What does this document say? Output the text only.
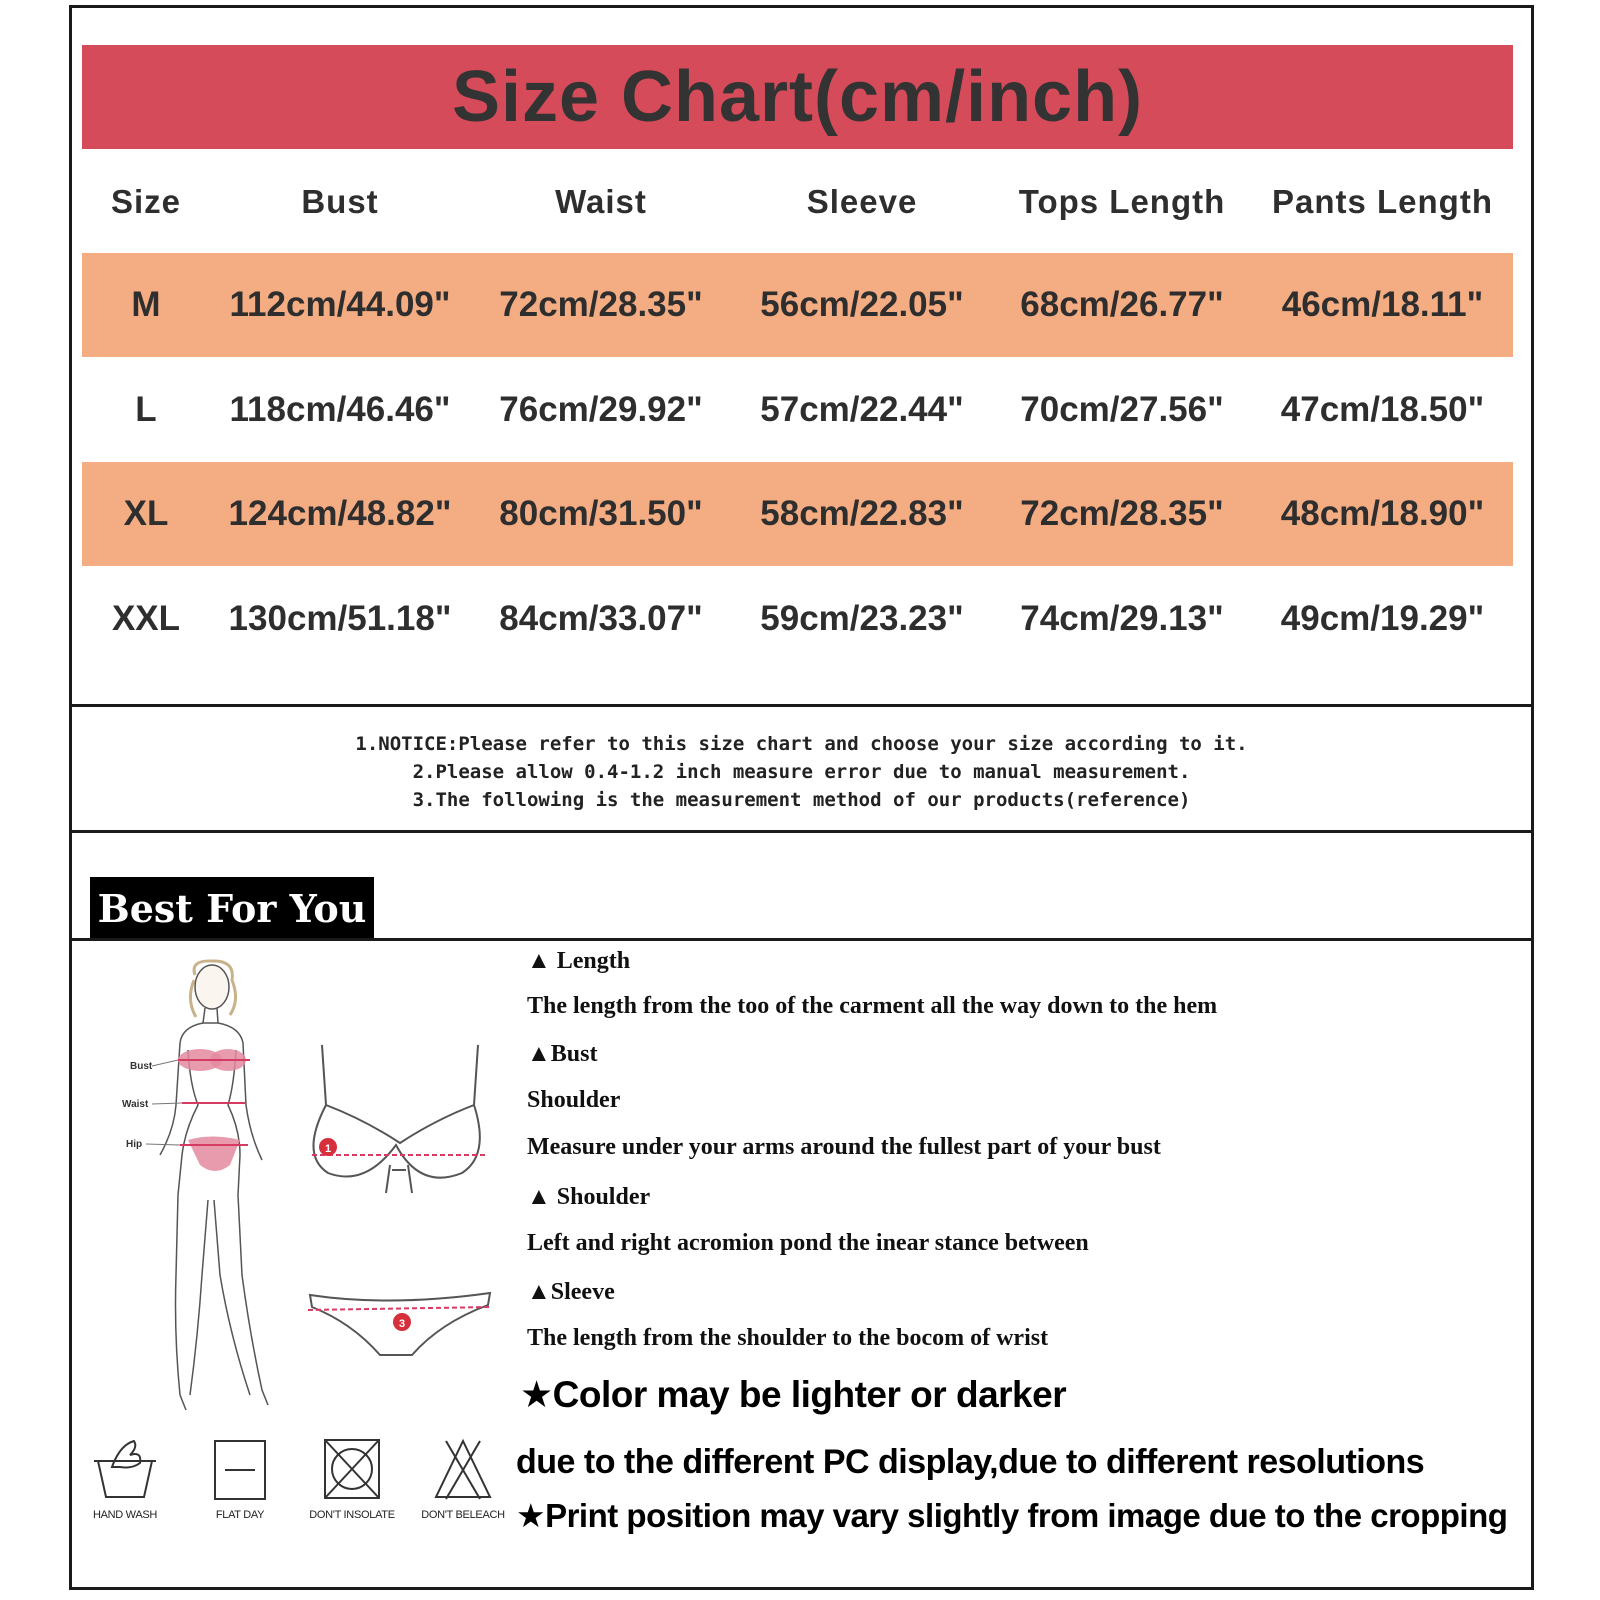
Size Chart(cm/inch)
Size	Bust	Waist	Sleeve	Tops Length	Pants Length
M	112cm/44.09"	72cm/28.35"	56cm/22.05"	68cm/26.77"	46cm/18.11"
L	118cm/46.46"	76cm/29.92"	57cm/22.44"	70cm/27.56"	47cm/18.50"
XL	124cm/48.82"	80cm/31.50"	58cm/22.83"	72cm/28.35"	48cm/18.90"
XXL	130cm/51.18"	84cm/33.07"	59cm/23.23"	74cm/29.13"	49cm/19.29"
1.NOTICE:Please refer to this size chart and choose your size according to it.
2.Please allow 0.4-1.2 inch measure error due to manual measurement.
3.The following is the measurement method of our products(reference)
Best For You
Bust
Waist
Hip	1
3
▲ Length
The length from the too of the carment all the way down to the hem
▲Bust
Shoulder
Measure under your arms around the fullest part of your bust
▲ Shoulder
Left and right acromion pond the inear stance between
▲Sleeve
The length from the shoulder to the bocom of wrist
★Color may be lighter or darker
due to the different PC display,due to different resolutions
★Print position may vary slightly from image due to the cropping
HAND WASH	FLAT DAY	DON'T INSOLATE	DON'T BELEACH
